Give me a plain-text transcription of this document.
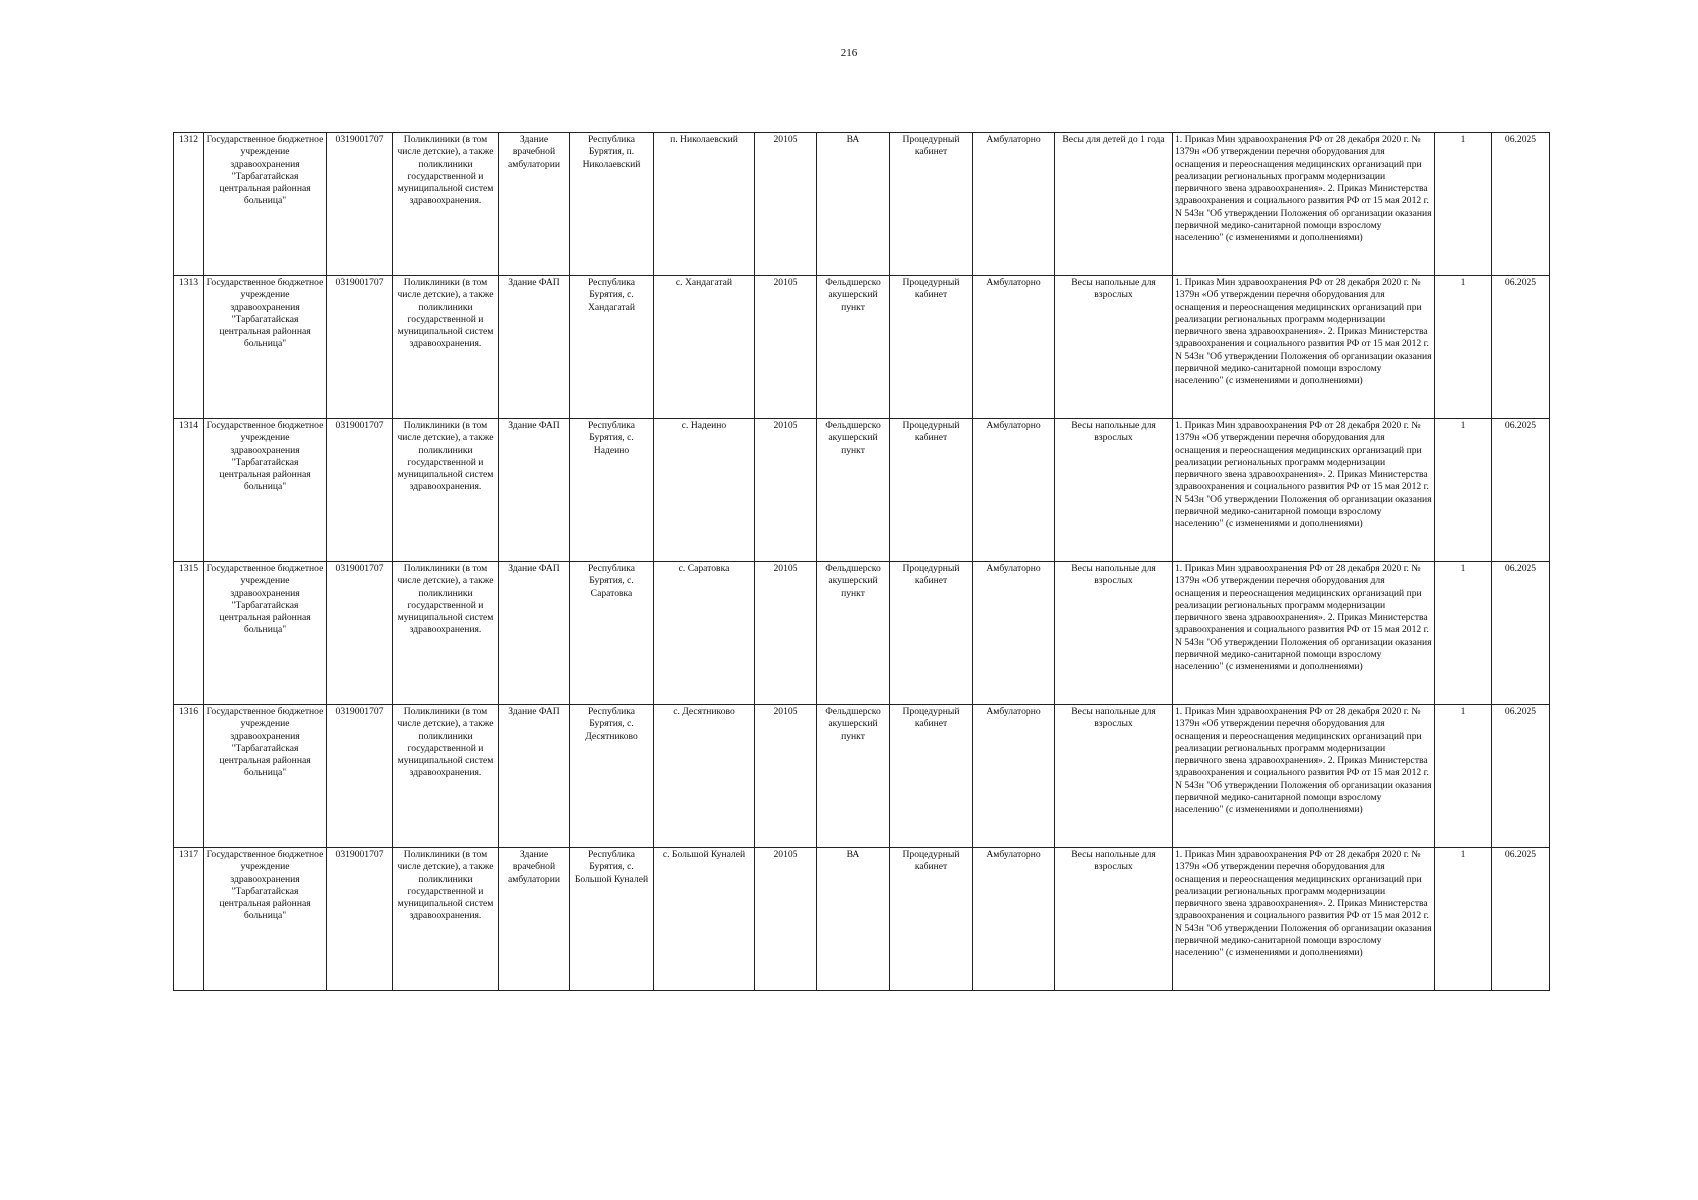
216
1312	Государственное бюджетное учреждение здравоохранения "Тарбагатайская центральная районная больница"	0319001707	Поликлиники (в том числе детские), а также поликлиники государственной и муниципальной систем здравоохранения.	Здание врачебной амбулатории	Республика Бурятия, п. Николаевский	п. Николаевский	20105	ВА	Процедурный кабинет	Амбулаторно	Весы для детей до 1 года	1. Приказ Мин здравоохранения РФ от 28 декабря 2020 г. № 1379н «Об утверждении перечня оборудования для оснащения и переоснащения медицинских организаций при реализации региональных программ модернизации первичного звена здравоохранения». 2. Приказ Министерства здравоохранения и социального развития РФ от 15 мая 2012 г. N 543н "Об утверждении Положения об организации оказания первичной медико-санитарной помощи взрослому населению" (с изменениями и дополнениями)	1	06.2025
1313	Государственное бюджетное учреждение здравоохранения "Тарбагатайская центральная районная больница"	0319001707	Поликлиники (в том числе детские), а также поликлиники государственной и муниципальной систем здравоохранения.	Здание ФАП	Республика Бурятия, с. Хандагатай	с. Хандагатай	20105	Фельдшерско акушерский пункт	Процедурный кабинет	Амбулаторно	Весы напольные для взрослых	1. Приказ Мин здравоохранения РФ от 28 декабря 2020 г. № 1379н «Об утверждении перечня оборудования для оснащения и переоснащения медицинских организаций при реализации региональных программ модернизации первичного звена здравоохранения». 2. Приказ Министерства здравоохранения и социального развития РФ от 15 мая 2012 г. N 543н "Об утверждении Положения об организации оказания первичной медико-санитарной помощи взрослому населению" (с изменениями и дополнениями)	1	06.2025
1314	Государственное бюджетное учреждение здравоохранения "Тарбагатайская центральная районная больница"	0319001707	Поликлиники (в том числе детские), а также поликлиники государственной и муниципальной систем здравоохранения.	Здание ФАП	Республика Бурятия, с. Надеино	с. Надеино	20105	Фельдшерско акушерский пункт	Процедурный кабинет	Амбулаторно	Весы напольные для взрослых	1. Приказ Мин здравоохранения РФ от 28 декабря 2020 г. № 1379н «Об утверждении перечня оборудования для оснащения и переоснащения медицинских организаций при реализации региональных программ модернизации первичного звена здравоохранения». 2. Приказ Министерства здравоохранения и социального развития РФ от 15 мая 2012 г. N 543н "Об утверждении Положения об организации оказания первичной медико-санитарной помощи взрослому населению" (с изменениями и дополнениями)	1	06.2025
1315	Государственное бюджетное учреждение здравоохранения "Тарбагатайская центральная районная больница"	0319001707	Поликлиники (в том числе детские), а также поликлиники государственной и муниципальной систем здравоохранения.	Здание ФАП	Республика Бурятия, с. Саратовка	с. Саратовка	20105	Фельдшерско акушерский пункт	Процедурный кабинет	Амбулаторно	Весы напольные для взрослых	1. Приказ Мин здравоохранения РФ от 28 декабря 2020 г. № 1379н «Об утверждении перечня оборудования для оснащения и переоснащения медицинских организаций при реализации региональных программ модернизации первичного звена здравоохранения». 2. Приказ Министерства здравоохранения и социального развития РФ от 15 мая 2012 г. N 543н "Об утверждении Положения об организации оказания первичной медико-санитарной помощи взрослому населению" (с изменениями и дополнениями)	1	06.2025
1316	Государственное бюджетное учреждение здравоохранения "Тарбагатайская центральная районная больница"	0319001707	Поликлиники (в том числе детские), а также поликлиники государственной и муниципальной систем здравоохранения.	Здание ФАП	Республика Бурятия, с. Десятниково	с. Десятниково	20105	Фельдшерско акушерский пункт	Процедурный кабинет	Амбулаторно	Весы напольные для взрослых	1. Приказ Мин здравоохранения РФ от 28 декабря 2020 г. № 1379н «Об утверждении перечня оборудования для оснащения и переоснащения медицинских организаций при реализации региональных программ модернизации первичного звена здравоохранения». 2. Приказ Министерства здравоохранения и социального развития РФ от 15 мая 2012 г. N 543н "Об утверждении Положения об организации оказания первичной медико-санитарной помощи взрослому населению" (с изменениями и дополнениями)	1	06.2025
1317	Государственное бюджетное учреждение здравоохранения "Тарбагатайская центральная районная больница"	0319001707	Поликлиники (в том числе детские), а также поликлиники государственной и муниципальной систем здравоохранения.	Здание врачебной амбулатории	Республика Бурятия, с. Большой Куналей	с. Большой Куналей	20105	ВА	Процедурный кабинет	Амбулаторно	Весы напольные для взрослых	1. Приказ Мин здравоохранения РФ от 28 декабря 2020 г. № 1379н «Об утверждении перечня оборудования для оснащения и переоснащения медицинских организаций при реализации региональных программ модернизации первичного звена здравоохранения». 2. Приказ Министерства здравоохранения и социального развития РФ от 15 мая 2012 г. N 543н "Об утверждении Положения об организации оказания первичной медико-санитарной помощи взрослому населению" (с изменениями и дополнениями)	1	06.2025
